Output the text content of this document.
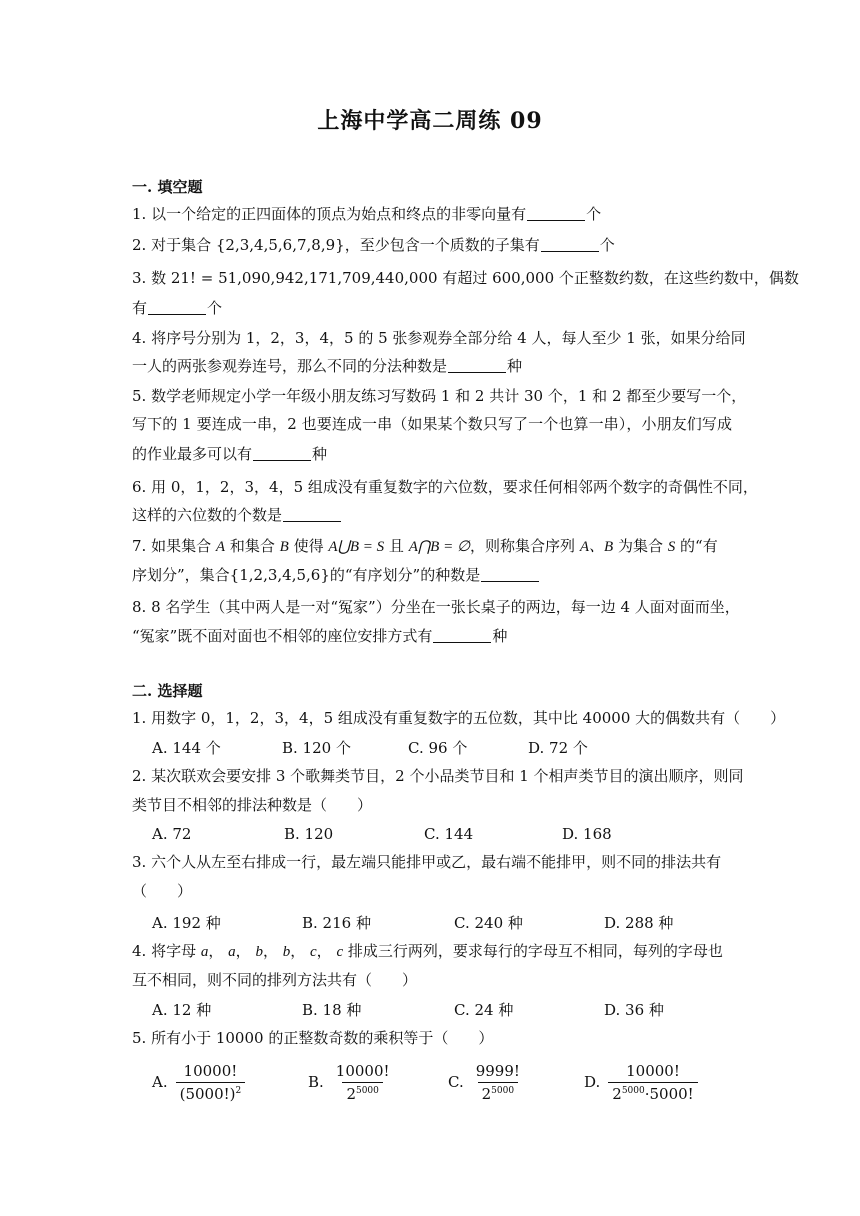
上海中学高二周练 09
一. 填空题
1. 以一个给定的正四面体的顶点为始点和终点的非零向量有	个
2. 对于集合 {2,3,4,5,6,7,8,9}，至少包含一个质数的子集有	个
3. 数 21! = 51,090,942,171,709,440,000 有超过 600,000 个正整数约数，在这些约数中，偶数
有	个
4. 将序号分别为 1，2，3，4，5 的 5 张参观券全部分给 4 人，每人至少 1 张，如果分给同
一人的两张参观券连号，那么不同的分法种数是	种
5. 数学老师规定小学一年级小朋友练习写数码 1 和 2 共计 30 个，1 和 2 都至少要写一个，
写下的 1 要连成一串，2 也要连成一串（如果某个数只写了一个也算一串），小朋友们写成
的作业最多可以有	种
6. 用 0，1，2，3，4，5 组成没有重复数字的六位数，要求任何相邻两个数字的奇偶性不同，
这样的六位数的个数是
7. 如果集合 A 和集合 B 使得 A⋃B = S 且 A⋂B = ∅，则称集合序列 A、B 为集合 S 的“有
序划分”，集合{1,2,3,4,5,6}的“有序划分”的种数是
8. 8 名学生（其中两人是一对“冤家”）分坐在一张长桌子的两边，每一边 4 人面对面而坐，
“冤家”既不面对面也不相邻的座位安排方式有	种
二. 选择题
1. 用数字 0，1，2，3，4，5 组成没有重复数字的五位数，其中比 40000 大的偶数共有（　　）
A. 144 个	B. 120 个	C. 96 个	D. 72 个
2. 某次联欢会要安排 3 个歌舞类节目，2 个小品类节目和 1 个相声类节目的演出顺序，则同
类节目不相邻的排法种数是（　　）
A. 72	B. 120	C. 144	D. 168
3. 六个人从左至右排成一行，最左端只能排甲或乙，最右端不能排甲，则不同的排法共有
（　　）
A. 192 种	B. 216 种	C. 240 种	D. 288 种
4. 将字母 a， a， b， b， c， c 排成三行两列，要求每行的字母互不相同，每列的字母也
互不相同，则不同的排列方法共有（　　）
A. 12 种	B. 18 种	C. 24 种	D. 36 种
5. 所有小于 10000 的正整数奇数的乘积等于（　　）
A. $\frac{10000!}{(5000!)^2}$	B. $\frac{10000!}{2^{5000}}$	C. $\frac{9999!}{2^{5000}}$	D. $\frac{10000!}{2^{5000}\cdot 5000!}$
